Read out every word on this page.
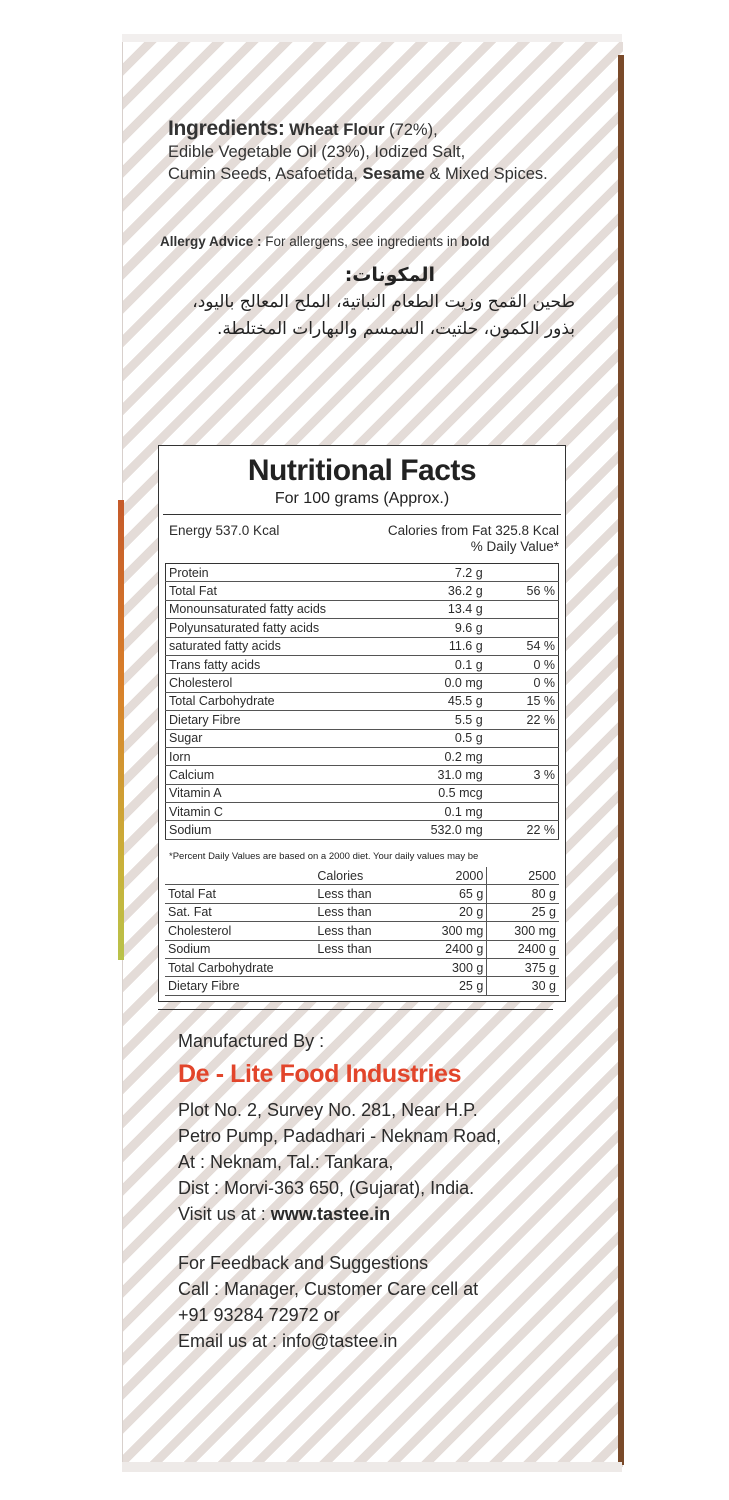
Ingredients: Wheat Flour (72%),
Edible Vegetable Oil (23%), Iodized Salt,
Cumin Seeds, Asafoetida, Sesame & Mixed Spices.
Allergy Advice : For allergens, see ingredients in bold
المكونات:
طحين القمح وزيت الطعام النباتية، الملح المعالج باليود،
بذور الكمون، حلتيت، السمسم والبهارات المختلطة.
Nutritional Facts
For 100 grams (Approx.)
Energy 537.0 Kcal	Calories from Fat 325.8 Kcal
% Daily Value*
Protein	7.2 g	
Total Fat	36.2 g	56 %
Monounsaturated fatty acids	13.4 g	
Polyunsaturated fatty acids	9.6 g	
saturated fatty acids	11.6 g	54 %
Trans fatty acids	0.1 g	0 %
Cholesterol	0.0 mg	0 %
Total Carbohydrate	45.5 g	15 %
Dietary Fibre	5.5 g	22 %
Sugar	0.5 g	
Iorn	0.2 mg	
Calcium	31.0 mg	3 %
Vitamin A	0.5 mcg	
Vitamin C	0.1 mg	
Sodium	532.0 mg	22 %
*Percent Daily Values are based on a 2000 diet. Your daily values may be
	Calories	2000	2500
Total Fat	Less than	65 g	80 g
Sat. Fat	Less than	20 g	25 g
Cholesterol	Less than	300 mg	300 mg
Sodium	Less than	2400 g	2400 g
Total Carbohydrate		300 g	375 g
Dietary Fibre		25 g	30 g
Manufactured By :
De - Lite Food Industries
Plot No. 2, Survey No. 281, Near H.P.
Petro Pump, Padadhari - Neknam Road,
At : Neknam, Tal.: Tankara,
Dist : Morvi-363 650, (Gujarat), India.
Visit us at : www.tastee.in
For Feedback and Suggestions
Call : Manager, Customer Care cell at
+91 93284 72972 or
Email us at : info@tastee.in
